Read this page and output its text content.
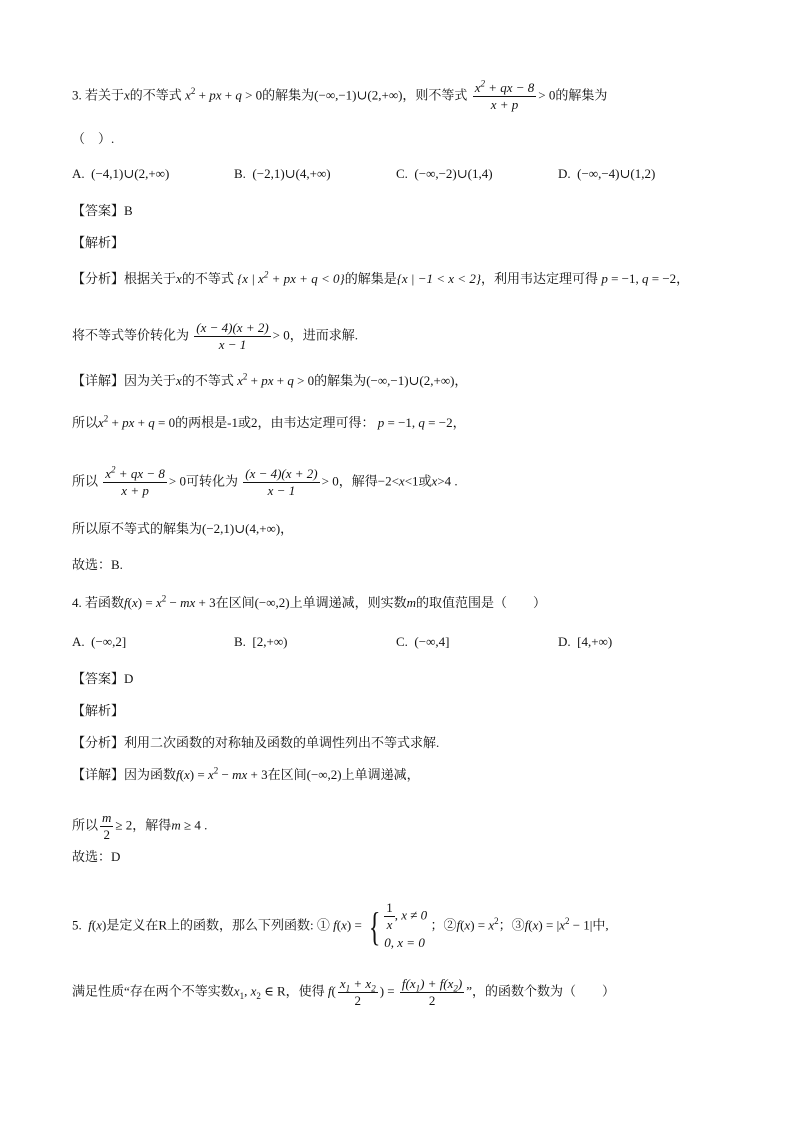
3. 若关于x的不等式 $x^2$ + px + q > 0的解集为(−∞,−1)∪(2,+∞)，则不等式 $\frac{x^2 + qx - 8}{x + p} > 0$的解集为
（　）.
A. (−4,1)∪(2,+∞)	B. (−2,1)∪(4,+∞)	C. (−∞,−2)∪(1,4)	D. (−∞,−4)∪(1,2)
【答案】B
【解析】
【分析】根据关于x的不等式 {x | $x^2$ + px + q < 0}的解集是{x | −1 < x < 2}，利用韦达定理可得 p = −1, q = −2，
将不等式等价转化为 $\frac{(x - 4)(x + 2)}{x - 1} > 0$，进而求解.
【详解】因为关于x的不等式 $x^2$ + px + q > 0的解集为(−∞,−1)∪(2,+∞)，
所以$x^2$ + px + q = 0的两根是-1或2，由韦达定理可得： p = −1, q = −2，
所以 $\frac{x^2 + qx - 8}{x + p} > 0$可转化为 $\frac{(x - 4)(x + 2)}{x - 1} > 0$，解得−2<x<1或x>4 .
所以原不等式的解集为(−2,1)∪(4,+∞)，
故选：B.
4. 若函数$f(x) = x^2$ − mx + 3在区间(−∞,2)上单调递减，则实数m的取值范围是（　　）
A. (−∞,2]	B. [2,+∞)	C. (−∞,4]	D. [4,+∞)
【答案】D
【解析】
【分析】利用二次函数的对称轴及函数的单调性列出不等式求解.
【详解】因为函数$f(x) = x^2$ − mx + 3在区间(−∞,2)上单调递减，
所以 $\frac{m}{2} \ge 2$，解得m ≥ 4 .
故选：D
5. f(x)是定义在R上的函数，那么下列函数: ① f(x) = { $\frac{1}{x}$ , x ≠ 0
0, x = 0
；②f(x) = $x^2$；③f(x) = $|x^2 - 1|$中,
满足性质“存在两个不等实数$x_1$, $x_2$ ∈ R，使得 $f( \frac{x_1 + x_2}{2}$ ) = $\frac{f(x_1) + f(x_2)}{2}$ ”，的函数个数为（　　）
